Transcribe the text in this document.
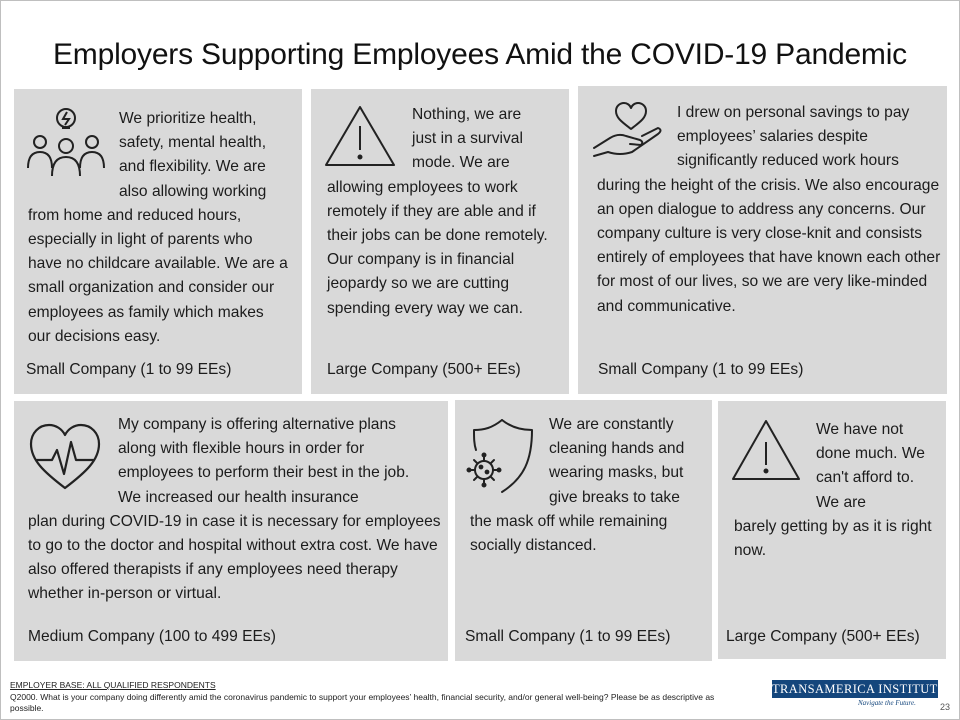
Employers Supporting Employees Amid the COVID-19 Pandemic
We prioritize health, safety, mental health, and flexibility. We are also allowing working
from home and reduced hours, especially in light of parents who have no childcare available. We are a small organization and consider our employees as family which makes our decisions easy.
Small Company (1 to 99 EEs)
Nothing, we are just in a survival mode. We are
allowing employees to work remotely if they are able and if their jobs can be done remotely. Our company is in financial jeopardy so we are cutting spending every way we can.
Large Company (500+ EEs)
I drew on personal savings to pay employees’ salaries despite significantly reduced work hours
during the height of the crisis. We also encourage an open dialogue to address any concerns. Our company culture is very close-knit and consists entirely of employees that have known each other for most of our lives, so we are very like-minded and communicative.
Small Company (1 to 99 EEs)
My company is offering alternative plans along with flexible hours in order for employees to perform their best in the job. We increased our health insurance
plan during COVID-19 in case it is necessary for employees to go to the doctor and hospital without extra cost. We have also offered therapists if any employees need therapy whether in-person or virtual.
Medium Company (100 to 499 EEs)
We are constantly cleaning hands and wearing masks, but give breaks to take
the mask off while remaining socially distanced.
Small Company (1 to 99 EEs)
We have not done much. We can't afford to. We are
barely getting by as it is right now.
Large Company (500+ EEs)
EMPLOYER BASE: ALL QUALIFIED RESPONDENTS
Q2000. What is your company doing differently amid the coronavirus pandemic to support your employees’ health, financial security, and/or general well-being? Please be as descriptive as possible.
TRANSAMERICA INSTITUTE
Navigate the Future.	23
